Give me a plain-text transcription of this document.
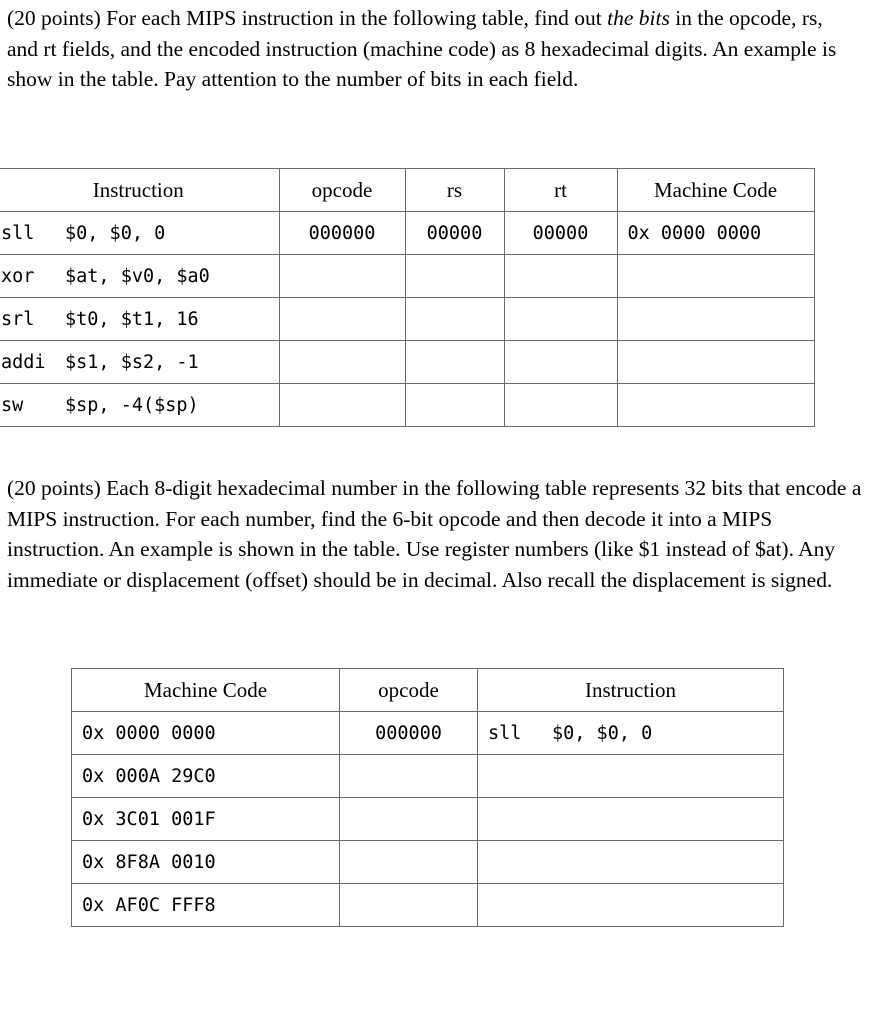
(20 points) For each MIPS instruction in the following table, find out the bits in the opcode, rs, and rt fields, and the encoded instruction (machine code) as 8 hexadecimal digits. An example is show in the table. Pay attention to the number of bits in each field.

Instruction	opcode	rs	rt	Machine Code
sll $0, $0, 0	000000	00000	00000	0x 0000 0000
xor $at, $v0, $a0				
srl $t0, $t1, 16				
addi $s1, $s2, -1				
sw $sp, -4($sp)				

(20 points) Each 8-digit hexadecimal number in the following table represents 32 bits that encode a MIPS instruction. For each number, find the 6-bit opcode and then decode it into a MIPS instruction. An example is shown in the table. Use register numbers (like $1 instead of $at). Any immediate or displacement (offset) should be in decimal. Also recall the displacement is signed.

Machine Code	opcode	Instruction
0x 0000 0000	000000	sll $0, $0, 0
0x 000A 29C0		
0x 3C01 001F		
0x 8F8A 0010		
0x AF0C FFF8		
